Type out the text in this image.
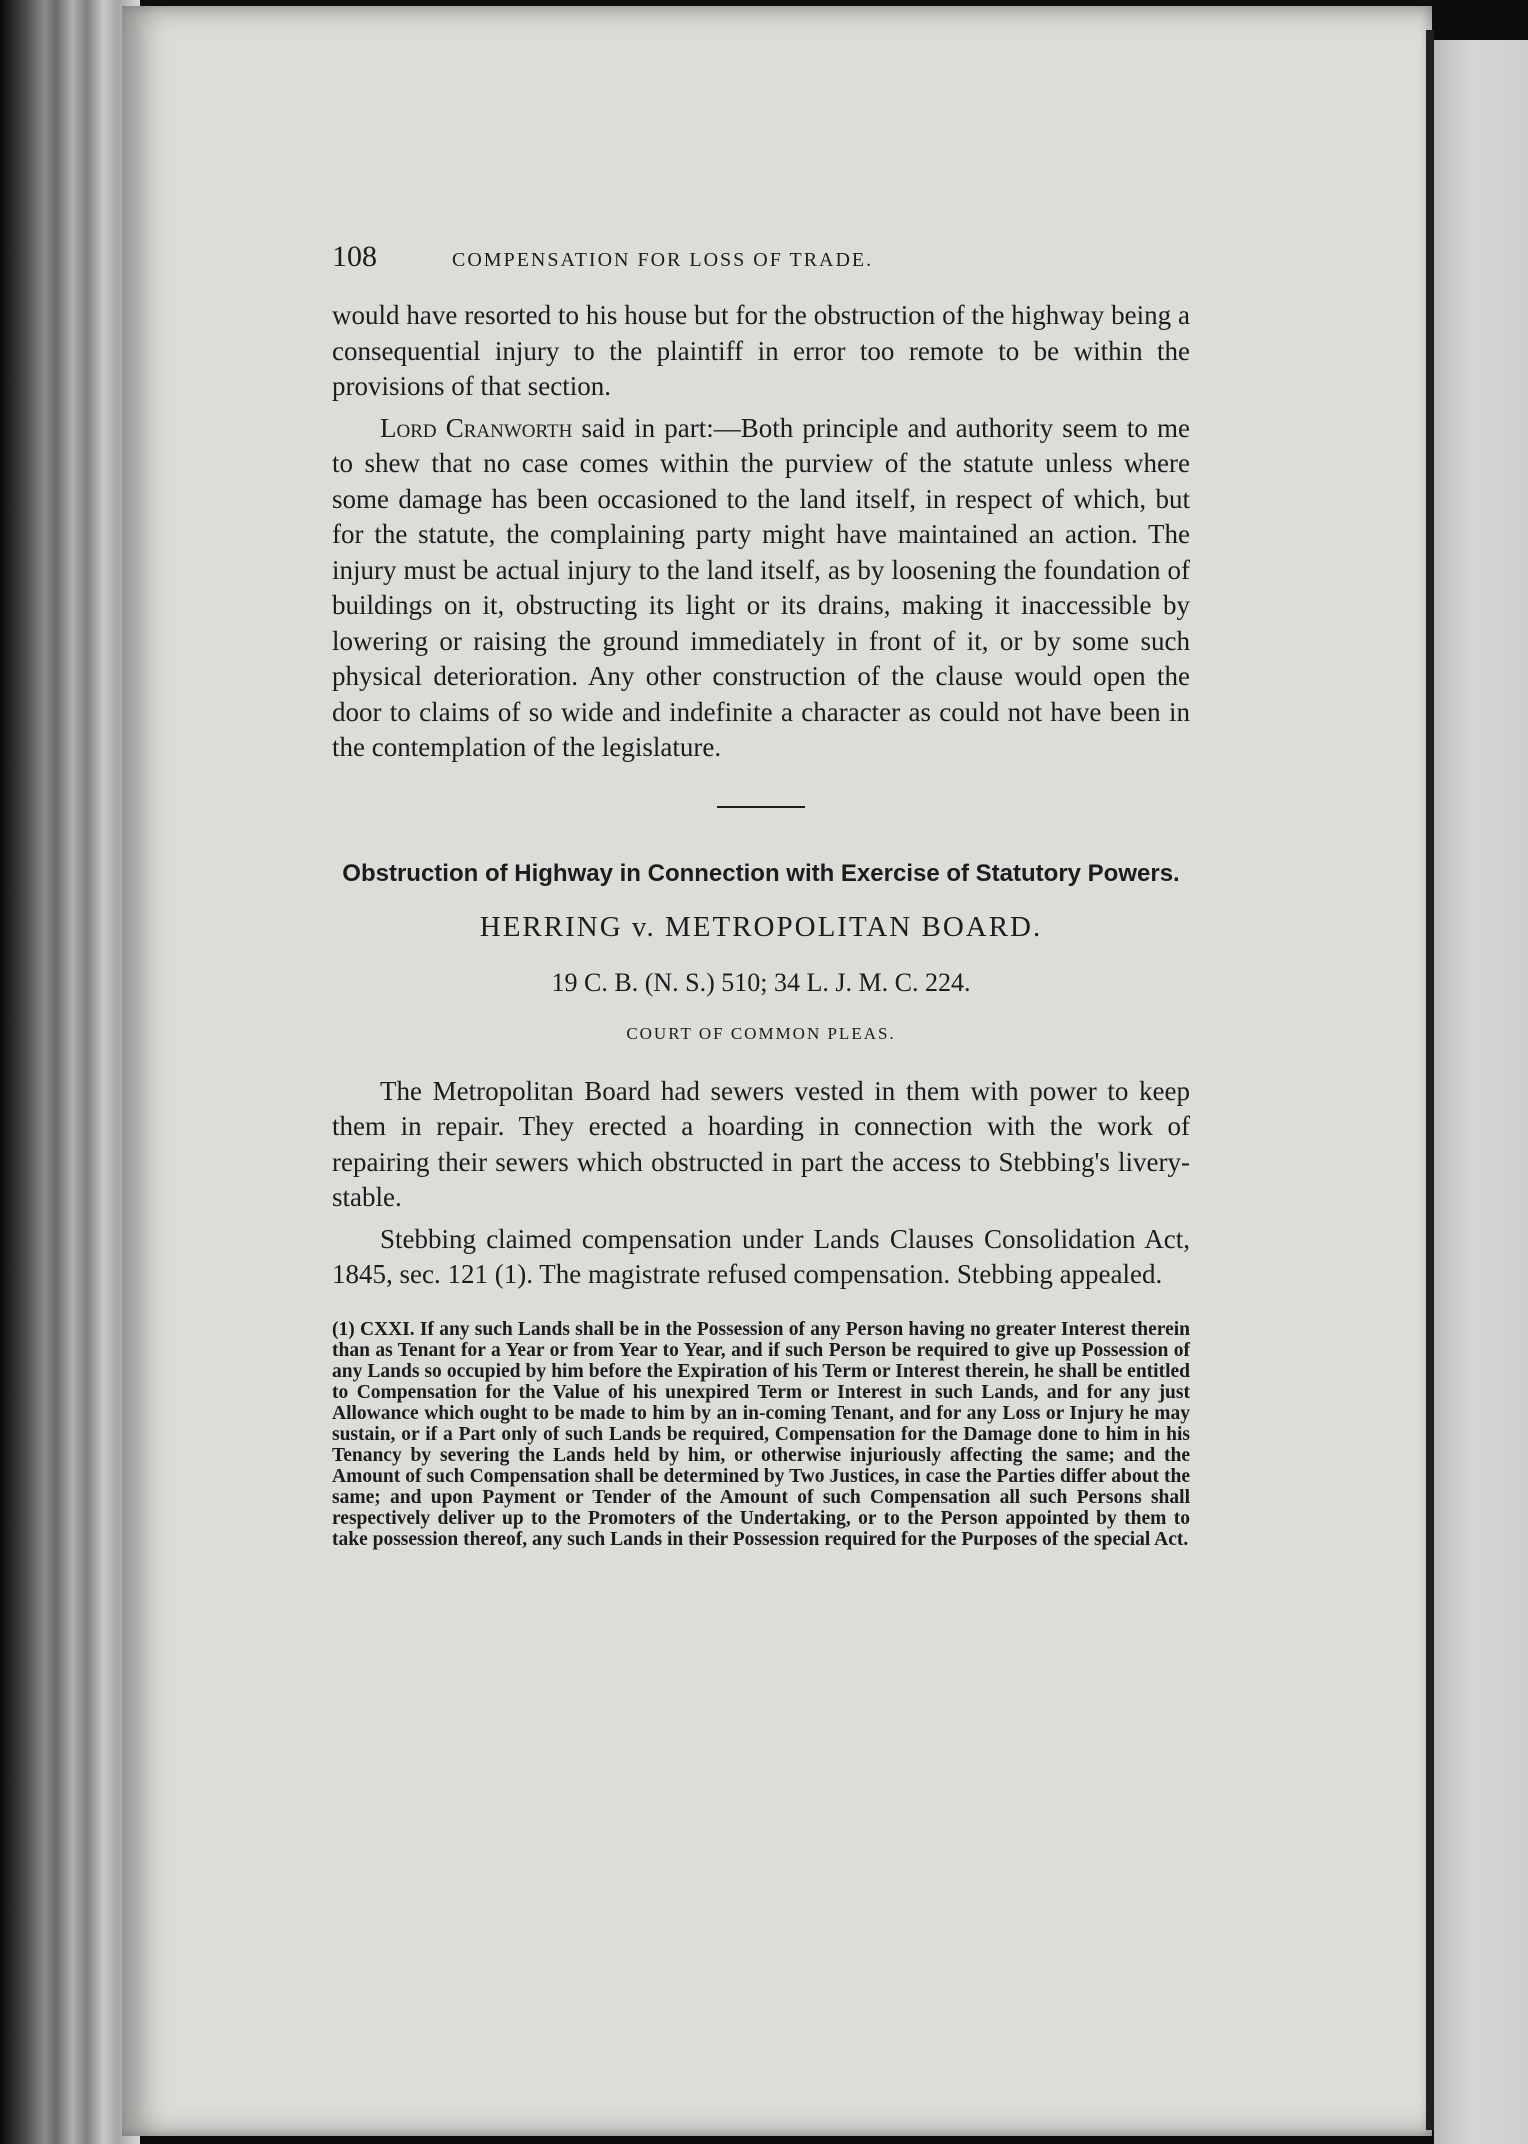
108	COMPENSATION FOR LOSS OF TRADE.

would have resorted to his house but for the obstruction of the highway being a consequential injury to the plaintiff in error too remote to be within the provisions of that section.

Lord Cranworth said in part:—Both principle and authority seem to me to shew that no case comes within the purview of the statute unless where some damage has been occasioned to the land itself, in respect of which, but for the statute, the complaining party might have maintained an action. The injury must be actual injury to the land itself, as by loosening the foundation of buildings on it, obstructing its light or its drains, making it inaccessible by lowering or raising the ground immediately in front of it, or by some such physical deterioration. Any other construction of the clause would open the door to claims of so wide and indefinite a character as could not have been in the contemplation of the legislature.

Obstruction of Highway in Connection with Exercise of Statutory Powers.

HERRING v. METROPOLITAN BOARD.

19 C. B. (N. S.) 510; 34 L. J. M. C. 224.

COURT OF COMMON PLEAS.

The Metropolitan Board had sewers vested in them with power to keep them in repair. They erected a hoarding in connection with the work of repairing their sewers which obstructed in part the access to Stebbing's livery-stable.

Stebbing claimed compensation under Lands Clauses Consolidation Act, 1845, sec. 121 (1). The magistrate refused compensation. Stebbing appealed.

(1) CXXI. If any such Lands shall be in the Possession of any Person having no greater Interest therein than as Tenant for a Year or from Year to Year, and if such Person be required to give up Possession of any Lands so occupied by him before the Expiration of his Term or Interest therein, he shall be entitled to Compensation for the Value of his unexpired Term or Interest in such Lands, and for any just Allowance which ought to be made to him by an in-coming Tenant, and for any Loss or Injury he may sustain, or if a Part only of such Lands be required, Compensation for the Damage done to him in his Tenancy by severing the Lands held by him, or otherwise injuriously affecting the same; and the Amount of such Compensation shall be determined by Two Justices, in case the Parties differ about the same; and upon Payment or Tender of the Amount of such Compensation all such Persons shall respectively deliver up to the Promoters of the Undertaking, or to the Person appointed by them to take possession thereof, any such Lands in their Possession required for the Purposes of the special Act.
